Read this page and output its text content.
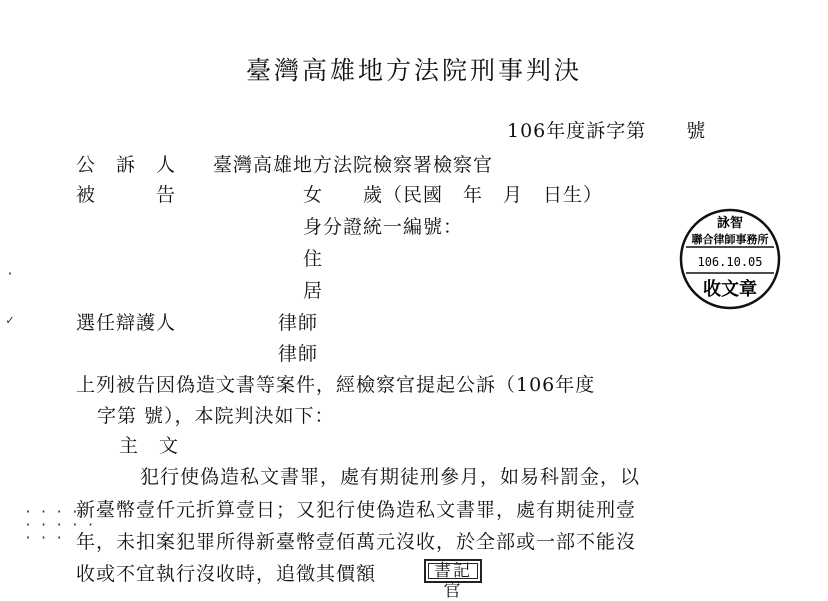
臺灣高雄地方法院刑事判決
106年度訴字第　　號
公　訴　人 臺灣高雄地方法院檢察署檢察官
被　　　告	女　　歲（民國　年　月　日生）
身分證統一編號：
住
居
選任辯護人	律師
律師
上列被告因偽造文書等案件，經檢察官提起公訴（106年度
字第 號），本院判決如下：
主　文
犯行使偽造私文書罪，處有期徒刑參月，如易科罰金，以
新臺幣壹仟元折算壹日；又犯行使偽造私文書罪，處有期徒刑壹
年，未扣案犯罪所得新臺幣壹佰萬元沒收，於全部或一部不能沒
收或不宜執行沒收時，追徵其價額
· · · ·
· · · · ·
· · ·
·
✓
詠智
聯合律師事務所
106.10.05
收文章
書記官
